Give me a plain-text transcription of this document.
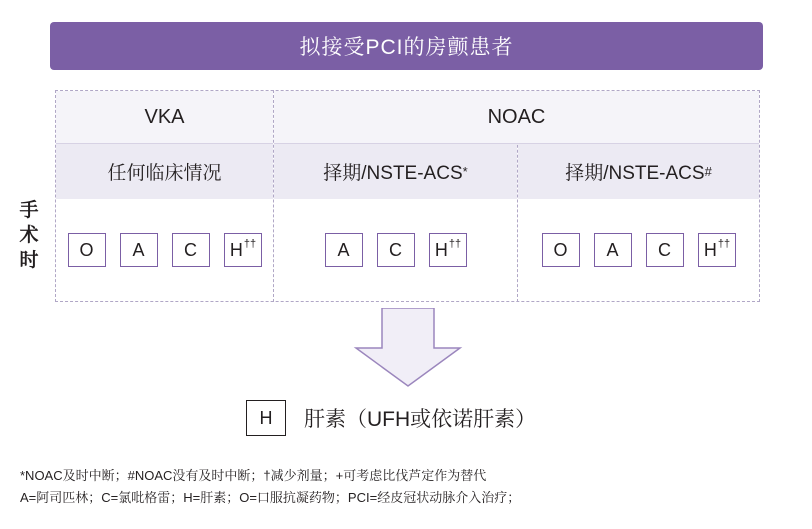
拟接受PCI的房颤患者
手
术
时
VKA	NOAC
任何临床情况	择期/NSTE-ACS *	择期/NSTE-ACS #
O A C H ††	A C H ††	O A C H ††
H 肝素（UFH或依诺肝素）
*NOAC及时中断；#NOAC没有及时中断；†减少剂量；+可考虑比伐芦定作为替代
A=阿司匹林；C=氯吡格雷；H=肝素；O=口服抗凝药物；PCI=经皮冠状动脉介入治疗；
